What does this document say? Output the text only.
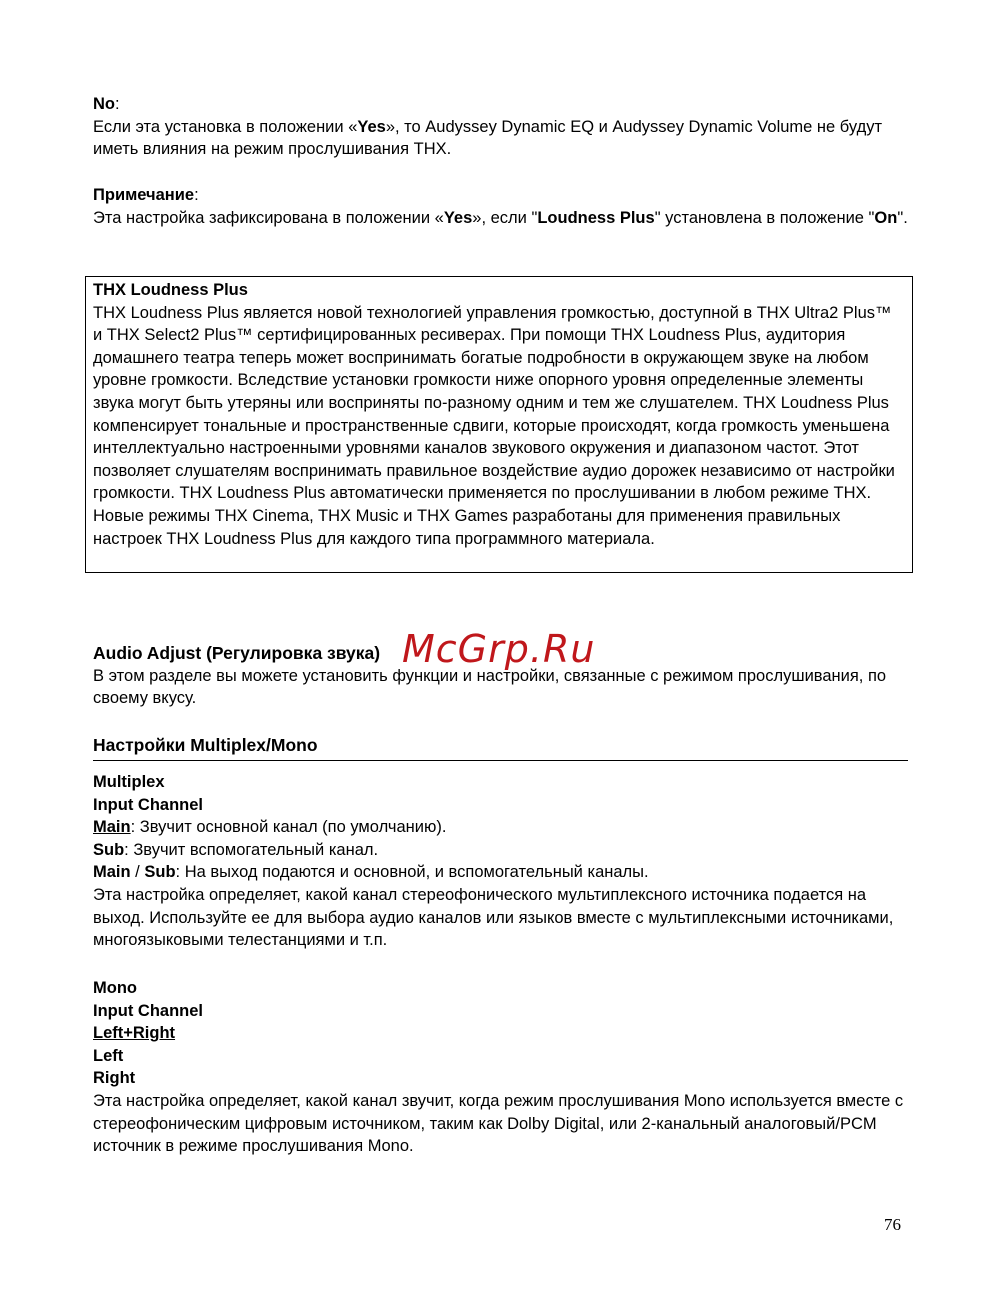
No:

Если эта установка в положении «Yes», то Audyssey Dynamic EQ и Audyssey Dynamic Volume не будут иметь влияния на режим прослушивания THX.

Примечание:

Эта настройка зафиксирована в положении «Yes», если "Loudness Plus" установлена в положение "On".

THX Loudness Plus

THX Loudness Plus является новой технологией управления громкостью, доступной в THX Ultra2 Plus™ и THX Select2 Plus™ сертифицированных ресиверах. При помощи THX Loudness Plus, аудитория домашнего театра теперь может воспринимать богатые подробности в окружающем звуке на любом уровне громкости. Вследствие установки громкости ниже опорного уровня определенные элементы звука могут быть утеряны или восприняты по-разному одним и тем же слушателем. THX Loudness Plus компенсирует тональные и пространственные сдвиги, которые происходят, когда громкость уменьшена интеллектуально настроенными уровнями каналов звукового окружения и диапазоном частот. Этот позволяет слушателям воспринимать правильное воздействие аудио дорожек независимо от настройки громкости. THX Loudness Plus автоматически применяется по прослушивании в любом режиме THX. Новые режимы THX Cinema, THX Music и THX Games разработаны для применения правильных настроек THX Loudness Plus для каждого типа программного материала.

Audio Adjust (Регулировка звука)

В этом разделе вы можете установить функции и настройки, связанные с режимом прослушивания, по своему вкусу.

McGrp.Ru

Настройки Multiplex/Mono

Multiplex

Input Channel

Main: Звучит основной канал (по умолчанию).

Sub: Звучит вспомогательный канал.

Main / Sub: На выход подаются и основной, и вспомогательный каналы.

Эта настройка определяет, какой канал стереофонического мультиплексного источника подается на выход. Используйте ее для выбора аудио каналов или языков вместе с мультиплексными источниками, многоязыковыми телестанциями и т.п.

Mono

Input Channel

Left+Right

Left

Right

Эта настройка определяет, какой канал звучит, когда режим прослушивания Mono используется вместе с стереофоническим цифровым источником, таким как Dolby Digital, или 2-канальный аналоговый/PCM источник в режиме прослушивания Mono.

76
